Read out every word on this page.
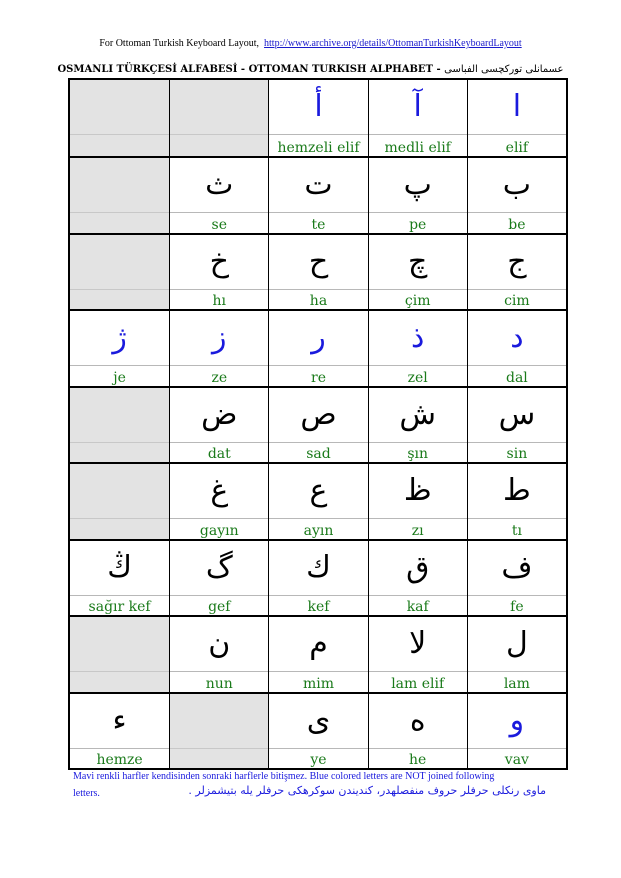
For Ottoman Turkish Keyboard Layout, http://www.archive.org/details/OttomanTurkishKeyboardLayout
OSMANLI TÜRKÇESİ ALFABESİ - OTTOMAN TURKISH ALPHABET - عسمانلی تورکچسی الفباسی
أ
hemzeli elif
آ
medli elif
ا
elif
ث
se
ت
te
پ
pe
ب
be
خ
hı
ح
ha
چ
çim
ج
cim
ژ
je
ز
ze
ر
re
ذ
zel
د
dal
ض
dat
ص
sad
ش
şın
س
sin
غ
gayın
ع
ayın
ظ
zı
ط
tı
ڭ
sağır kef
گ
gef
ك
kef
ق
kaf
ف
fe
ن
nun
م
mim
لا
lam elif
ل
lam
ء
hemze
ی
ye
ه
he
و
vav
Mavi renkli harfler kendisinden sonraki harflerle bitişmez. Blue colored letters are NOT joined following
letters.	ماوی رنکلی حرفلر حروف منفصلهدر، کندیندن سوکرهکی حرفلر یله بتیشمزلر .
